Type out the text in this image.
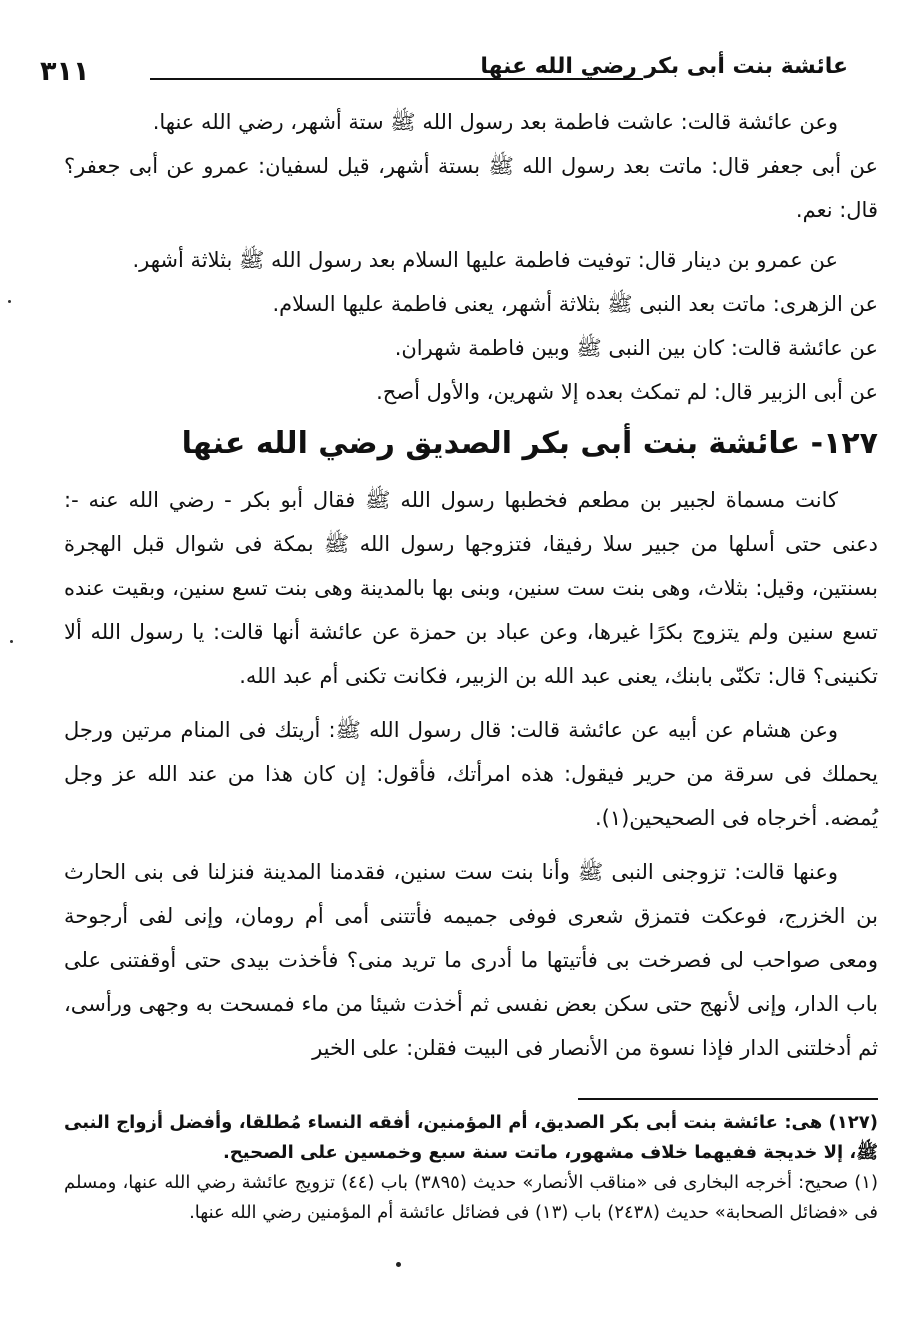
عائشة بنت أبى بكر رضي الله عنها
٣١١

وعن عائشة قالت: عاشت فاطمة بعد رسول الله ﷺ ستة أشهر، رضي الله عنها.

عن أبى جعفر قال: ماتت بعد رسول الله ﷺ بستة أشهر، قيل لسفيان: عمرو عن أبى جعفر؟ قال: نعم.

عن عمرو بن دينار قال: توفيت فاطمة عليها السلام بعد رسول الله ﷺ بثلاثة أشهر.

عن الزهرى: ماتت بعد النبى ﷺ بثلاثة أشهر، يعنى فاطمة عليها السلام.

عن عائشة قالت: كان بين النبى ﷺ وبين فاطمة شهران.

عن أبى الزبير قال: لم تمكث بعده إلا شهرين، والأول أصح.

١٢٧- عائشة بنت أبى بكر الصديق رضي الله عنها

كانت مسماة لجبير بن مطعم فخطبها رسول الله ﷺ فقال أبو بكر - رضي الله عنه -: دعنى حتى أسلها من جبير سلا رفيقا، فتزوجها رسول الله ﷺ بمكة فى شوال قبل الهجرة بسنتين، وقيل: بثلاث، وهى بنت ست سنين، وبنى بها بالمدينة وهى بنت تسع سنين، وبقيت عنده تسع سنين ولم يتزوج بكرًا غيرها، وعن عباد بن حمزة عن عائشة أنها قالت: يا رسول الله ألا تكنينى؟ قال: تكنّى بابنك، يعنى عبد الله بن الزبير، فكانت تكنى أم عبد الله.

وعن هشام عن أبيه عن عائشة قالت: قال رسول الله ﷺ: أريتك فى المنام مرتين ورجل يحملك فى سرقة من حرير فيقول: هذه امرأتك، فأقول: إن كان هذا من عند الله عز وجل يُمضه. أخرجاه فى الصحيحين(١).

وعنها قالت: تزوجنى النبى ﷺ وأنا بنت ست سنين، فقدمنا المدينة فنزلنا فى بنى الحارث بن الخزرج، فوعكت فتمزق شعرى فوفى جميمه فأتتنى أمى أم رومان، وإنى لفى أرجوحة ومعى صواحب لى فصرخت بى فأتيتها ما أدرى ما تريد منى؟ فأخذت بيدى حتى أوقفتنى على باب الدار، وإنى لأنهج حتى سكن بعض نفسى ثم أخذت شيئا من ماء فمسحت به وجهى ورأسى، ثم أدخلتنى الدار فإذا نسوة من الأنصار فى البيت فقلن: على الخير

(١٢٧) هى: عائشة بنت أبى بكر الصديق، أم المؤمنين، أفقه النساء مُطلقا، وأفضل أزواج النبى ﷺ، إلا خديجة ففيهما خلاف مشهور، ماتت سنة سبع وخمسين على الصحيح.

(١) صحيح: أخرجه البخارى فى «مناقب الأنصار» حديث (٣٨٩٥) باب (٤٤) تزويج عائشة رضي الله عنها، ومسلم فى «فضائل الصحابة» حديث (٢٤٣٨) باب (١٣) فى فضائل عائشة أم المؤمنين رضي الله عنها.
